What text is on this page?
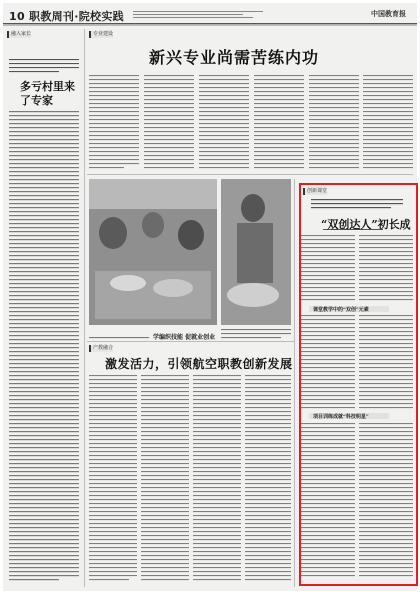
10 职教周刊·院校实践	中国教育报
融入家长	专业建设
产教融合
创新课堂
新兴专业尚需苦练内功
多亏村里来了专家
学编织技能 促就业创业
激发活力，引领航空职教创新发展
“双创达人”初长成
课堂教学中的“双创”元素
项目训练成就“科技明星”
